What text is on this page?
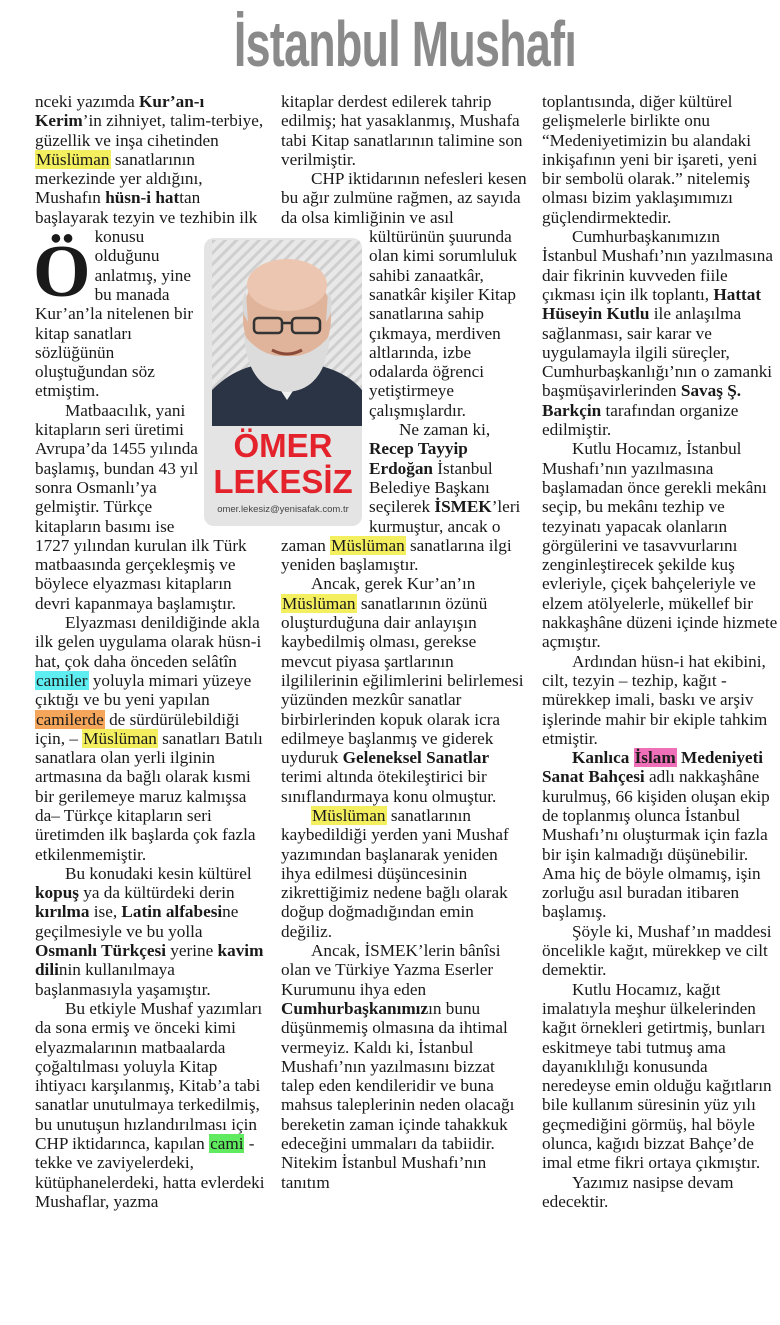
İstanbul Mushafı

Ö
nceki yazımda Kur’an-ı Kerim’in zihniyet, talim-terbiye, güzellik ve inşa cihetinden Müslüman sanatlarının merkezinde yer aldığını, Mushafın hüsn-i hattan başlayarak tezyin ve tezhibin ilk konusu olduğunu anlatmış, yine bu manada Kur’an’la nitelenen bir kitap sanatları sözlüğünün oluştuğundan söz etmiştim.

Matbaacılık, yani kitapların seri üretimi Avrupa’da 1455 yılında başlamış, bundan 43 yıl sonra Osmanlı’ya gelmiştir. Türkçe kitapların basımı ise 1727 yılından kurulan ilk Türk matbaasında gerçekleşmiş ve böylece elyazması kitapların devri kapanmaya başlamıştır.

Elyazması denildiğinde akla ilk gelen uygulama olarak hüsn-i hat, çok daha önceden selâtîn camiler yoluyla mimari yüzeye çıktığı ve bu yeni yapılan camilerde de sürdürülebildiği için, – Müslüman sanatları Batılı sanatlara olan yerli ilginin artmasına da bağlı olarak kısmi bir gerilemeye maruz kalmışsa da– Türkçe kitapların seri üretimden ilk başlarda çok fazla etkilenmemiştir.

Bu konudaki kesin kültürel kopuş ya da kültürdeki derin kırılma ise, Latin alfabesine geçilmesiyle ve bu yolla Osmanlı Türkçesi yerine kavim dilinin kullanılmaya başlanmasıyla yaşamıştır.

Bu etkiyle Mushaf yazımları da sona ermiş ve önceki kimi elyazmalarının matbaalarda çoğaltılması yoluyla Kitap ihtiyacı karşılanmış, Kitab’a tabi sanatlar unutulmaya terkedilmiş, bu unutuşun hızlandırılması için CHP iktidarınca, kapılan cami - tekke ve zaviyelerdeki, kütüphanelerdeki, hatta evlerdeki Mushaflar, yazma

kitaplar derdest edilerek tahrip edilmiş; hat yasaklanmış, Mushafa tabi Kitap sanatlarının talimine son verilmiştir.

CHP iktidarının nefesleri kesen bu ağır zulmüne rağmen, az sayıda da olsa kimliğinin ve asıl kültürünün şuurunda olan kimi sorumluluk sahibi zanaatkâr, sanatkâr kişiler Kitap sanatlarına sahip çıkmaya, merdiven altlarında, izbe odalarda öğrenci yetiştirmeye çalışmışlardır.

Ne zaman ki, Recep Tayyip Erdoğan İstanbul Belediye Başkanı seçilerek İSMEK’leri kurmuştur, ancak o zaman Müslüman sanatlarına ilgi yeniden başlamıştır.

Ancak, gerek Kur’an’ın Müslüman sanatlarının özünü oluşturduğuna dair anlayışın kaybedilmiş olması, gerekse mevcut piyasa şartlarının ilgililerinin eğilimlerini belirlemesi yüzünden mezkûr sanatlar birbirlerinden kopuk olarak icra edilmeye başlanmış ve giderek uyduruk Geleneksel Sanatlar terimi altında ötekileştirici bir sınıflandırmaya konu olmuştur.

Müslüman sanatlarının kaybedildiği yerden yani Mushaf yazımından başlanarak yeniden ihya edilmesi düşüncesinin zikrettiğimiz nedene bağlı olarak doğup doğmadığından emin değiliz.

Ancak, İSMEK’lerin bânîsi olan ve Türkiye Yazma Eserler Kurumunu ihya eden Cumhurbaşkanımızın bunu düşünmemiş olmasına da ihtimal vermeyiz. Kaldı ki, İstanbul Mushafı’nın yazılmasını bizzat talep eden kendileridir ve buna mahsus taleplerinin neden olacağı bereketin zaman içinde tahakkuk edeceğini ummaları da tabiidir. Nitekim İstanbul Mushafı’nın tanıtım

toplantısında, diğer kültürel gelişmelerle birlikte onu “Medeniyetimizin bu alandaki inkişafının yeni bir işareti, yeni bir sembolü olarak.” nitelemiş olması bizim yaklaşımımızı güçlendirmektedir.

Cumhurbaşkanımızın İstanbul Mushafı’nın yazılmasına dair fikrinin kuvveden fiile çıkması için ilk toplantı, Hattat Hüseyin Kutlu ile anlaşılma sağlanması, sair karar ve uygulamayla ilgili süreçler, Cumhurbaşkanlığı’nın o zamanki başmüşavirlerinden Savaş Ş. Barkçin tarafından organize edilmiştir.

Kutlu Hocamız, İstanbul Mushafı’nın yazılmasına başlamadan önce gerekli mekânı seçip, bu mekânı tezhip ve tezyinatı yapacak olanların görgülerini ve tasavvurlarını zenginleştirecek şekilde kuş evleriyle, çiçek bahçeleriyle ve elzem atölyelerle, mükellef bir nakkaşhâne düzeni içinde hizmete açmıştır.

Ardından hüsn-i hat ekibini, cilt, tezyin – tezhip, kağıt - mürekkep imali, baskı ve arşiv işlerinde mahir bir ekiple tahkim etmiştir.

Kanlıca İslam Medeniyeti Sanat Bahçesi adlı nakkaşhâne kurulmuş, 66 kişiden oluşan ekip de toplanmış olunca İstanbul Mushafı’nı oluşturmak için fazla bir işin kalmadığı düşünebilir. Ama hiç de böyle olmamış, işin zorluğu asıl buradan itibaren başlamış.

Şöyle ki, Mushaf’ın maddesi öncelikle kağıt, mürekkep ve cilt demektir.

Kutlu Hocamız, kağıt imalatıyla meşhur ülkelerinden kağıt örnekleri getirtmiş, bunları eskitmeye tabi tutmuş ama dayanıklılığı konusunda neredeyse emin olduğu kağıtların bile kullanım süresinin yüz yılı geçmediğini görmüş, hal böyle olunca, kağıdı bizzat Bahçe’de imal etme fikri ortaya çıkmıştır.

Yazımız nasipse devam edecektir.

ÖMER
LEKESİZ
omer.lekesiz@yenisafak.com.tr
